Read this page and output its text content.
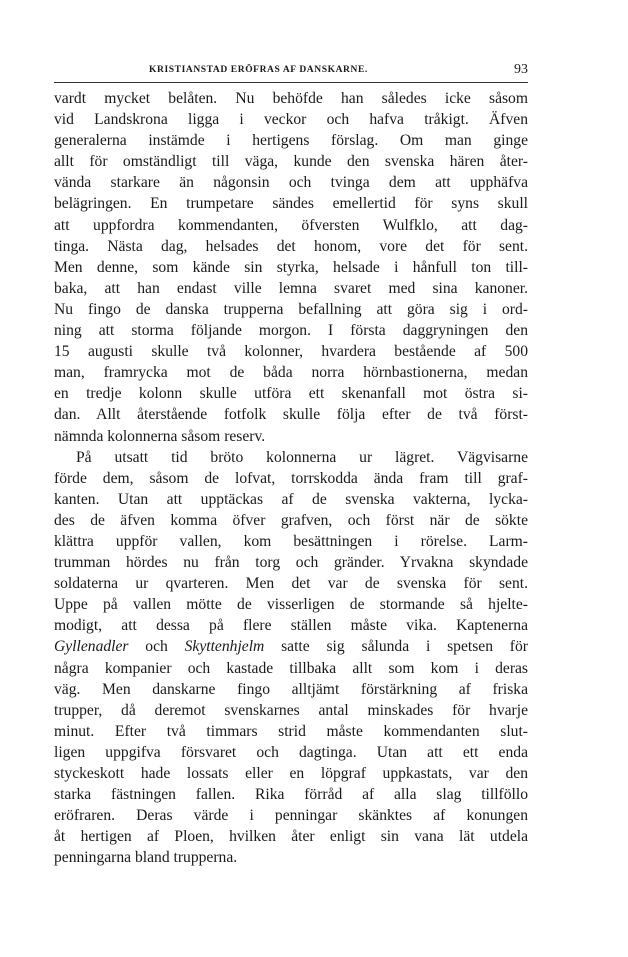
KRISTIANSTAD ERÖFRAS AF DANSKARNE.	93
vardt mycket belåten. Nu behöfde han således icke såsom
vid Landskrona ligga i veckor och hafva tråkigt. Äfven
generalerna instämde i hertigens förslag. Om man ginge
allt för omständligt till väga, kunde den svenska hären åter-
vända starkare än någonsin och tvinga dem att upphäfva
belägringen. En trumpetare sändes emellertid för syns skull
att uppfordra kommendanten, öfversten Wulfklo, att dag-
tinga. Nästa dag, helsades det honom, vore det för sent.
Men denne, som kände sin styrka, helsade i hånfull ton till-
baka, att han endast ville lemna svaret med sina kanoner.
Nu fingo de danska trupperna befallning att göra sig i ord-
ning att storma följande morgon. I första daggryningen den
15 augusti skulle två kolonner, hvardera bestående af 500
man, framrycka mot de båda norra hörnbastionerna, medan
en tredje kolonn skulle utföra ett skenanfall mot östra si-
dan. Allt återstående fotfolk skulle följa efter de två först-
nämnda kolonnerna såsom reserv.
På utsatt tid bröto kolonnerna ur lägret. Vägvisarne
förde dem, såsom de lofvat, torrskodda ända fram till graf-
kanten. Utan att upptäckas af de svenska vakterna, lycka-
des de äfven komma öfver grafven, och först när de sökte
klättra uppför vallen, kom besättningen i rörelse. Larm-
trumman hördes nu från torg och gränder. Yrvakna skyndade
soldaterna ur qvarteren. Men det var de svenska för sent.
Uppe på vallen mötte de visserligen de stormande så hjelte-
modigt, att dessa på flere ställen måste vika. Kaptenerna
Gyllenadler och Skyttenhjelm satte sig sålunda i spetsen för
några kompanier och kastade tillbaka allt som kom i deras
väg. Men danskarne fingo alltjämt förstärkning af friska
trupper, då deremot svenskarnes antal minskades för hvarje
minut. Efter två timmars strid måste kommendanten slut-
ligen uppgifva försvaret och dagtinga. Utan att ett enda
styckeskott hade lossats eller en löpgraf uppkastats, var den
starka fästningen fallen. Rika förråd af alla slag tillföllo
eröfraren. Deras värde i penningar skänktes af konungen
åt hertigen af Ploen, hvilken åter enligt sin vana lät utdela
penningarna bland trupperna.
